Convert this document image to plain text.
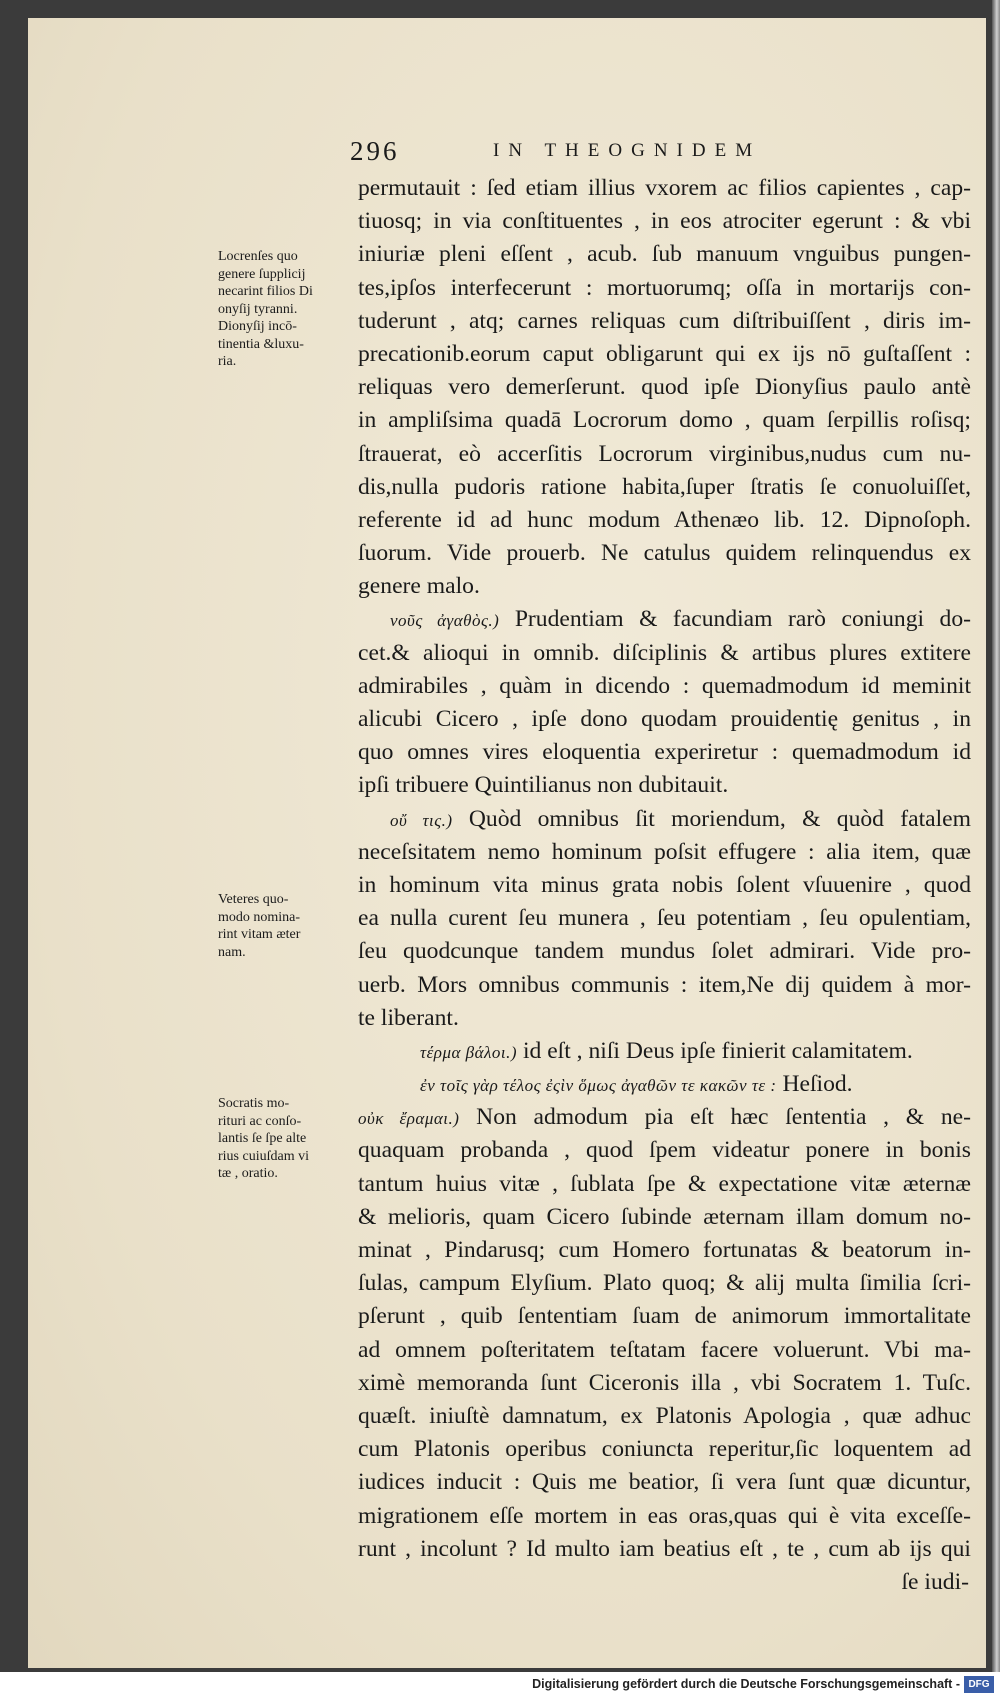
296	IN THEOGNIDEM
Locrenſes quo
genere ſupplicij
necarint filios Di
onyſij tyranni.
Dionyſij incō-
tinentia &luxu-
ria.
Veteres quo-
modo nomina-
rint vitam æter
nam.
Socratis mo-
rituri ac conſo-
lantis ſe ſpe alte
rius cuiuſdam vi
tæ , oratio.
permutauit : ſed etiam illius vxorem ac filios capientes , cap-
tiuosq; in via conſtituentes , in eos atrociter egerunt : & vbi
iniuriæ pleni eſſent , acub. ſub manuum vnguibus pungen-
tes,ipſos interfecerunt : mortuorumq; oſſa in mortarijs con-
tuderunt , atq; carnes reliquas cum diſtribuiſſent , diris im-
precationib.eorum caput obligarunt qui ex ijs nō guſtaſſent :
reliquas vero demerſerunt. quod ipſe Dionyſius paulo antè
in ampliſsima quadā Locrorum domo , quam ſerpillis roſisq;
ſtrauerat, eò accerſitis Locrorum virginibus,nudus cum nu-
dis,nulla pudoris ratione habita,ſuper ſtratis ſe conuoluiſſet,
referente id ad hunc modum Athenæo lib. 12. Dipnoſoph.
ſuorum. Vide prouerb. Ne catulus quidem relinquendus ex
genere malo.
νοῦς ἀγαθὸς.) Prudentiam & facundiam rarò coniungi do-
cet.& alioqui in omnib. diſciplinis & artibus plures extitere
admirabiles , quàm in dicendo : quemadmodum id meminit
alicubi Cicero , ipſe dono quodam prouidentię genitus , in
quo omnes vires eloquentia experiretur : quemadmodum id
ipſi tribuere Quintilianus non dubitauit.
οὔ τις.) Quòd omnibus ſit moriendum, & quòd fatalem
neceſsitatem nemo hominum poſsit effugere : alia item, quæ
in hominum vita minus grata nobis ſolent vſuuenire , quod
ea nulla curent ſeu munera , ſeu potentiam , ſeu opulentiam,
ſeu quodcunque tandem mundus ſolet admirari. Vide pro-
uerb. Mors omnibus communis : item,Ne dij quidem à mor-
te liberant.
τέρμα βάλοι.) id eſt , niſi Deus ipſe finierit calamitatem.
ἐν τοῖς γὰρ τέλος ἐςὶν ὅμως ἀγαθῶν τε κακῶν τε : Heſiod.
οὐκ ἔραμαι.) Non admodum pia eſt hæc ſententia , & ne-
quaquam probanda , quod ſpem videatur ponere in bonis
tantum huius vitæ , ſublata ſpe & expectatione vitæ æternæ
& melioris, quam Cicero ſubinde æternam illam domum no-
minat , Pindarusq; cum Homero fortunatas & beatorum in-
ſulas, campum Elyſium. Plato quoq; & alij multa ſimilia ſcri-
pſerunt , quib ſententiam ſuam de animorum immortalitate
ad omnem poſteritatem teſtatam facere voluerunt. Vbi ma-
ximè memoranda ſunt Ciceronis illa , vbi Socratem 1. Tuſc.
quæſt. iniuſtè damnatum, ex Platonis Apologia , quæ adhuc
cum Platonis operibus coniuncta reperitur,ſic loquentem ad
iudices inducit : Quis me beatior, ſi vera ſunt quæ dicuntur,
migrationem eſſe mortem in eas oras,quas qui è vita exceſſe-
runt , incolunt ? Id multo iam beatius eſt , te , cum ab ijs qui
ſe iudi-
Digitalisierung gefördert durch die Deutsche Forschungsgemeinschaft - DFG
